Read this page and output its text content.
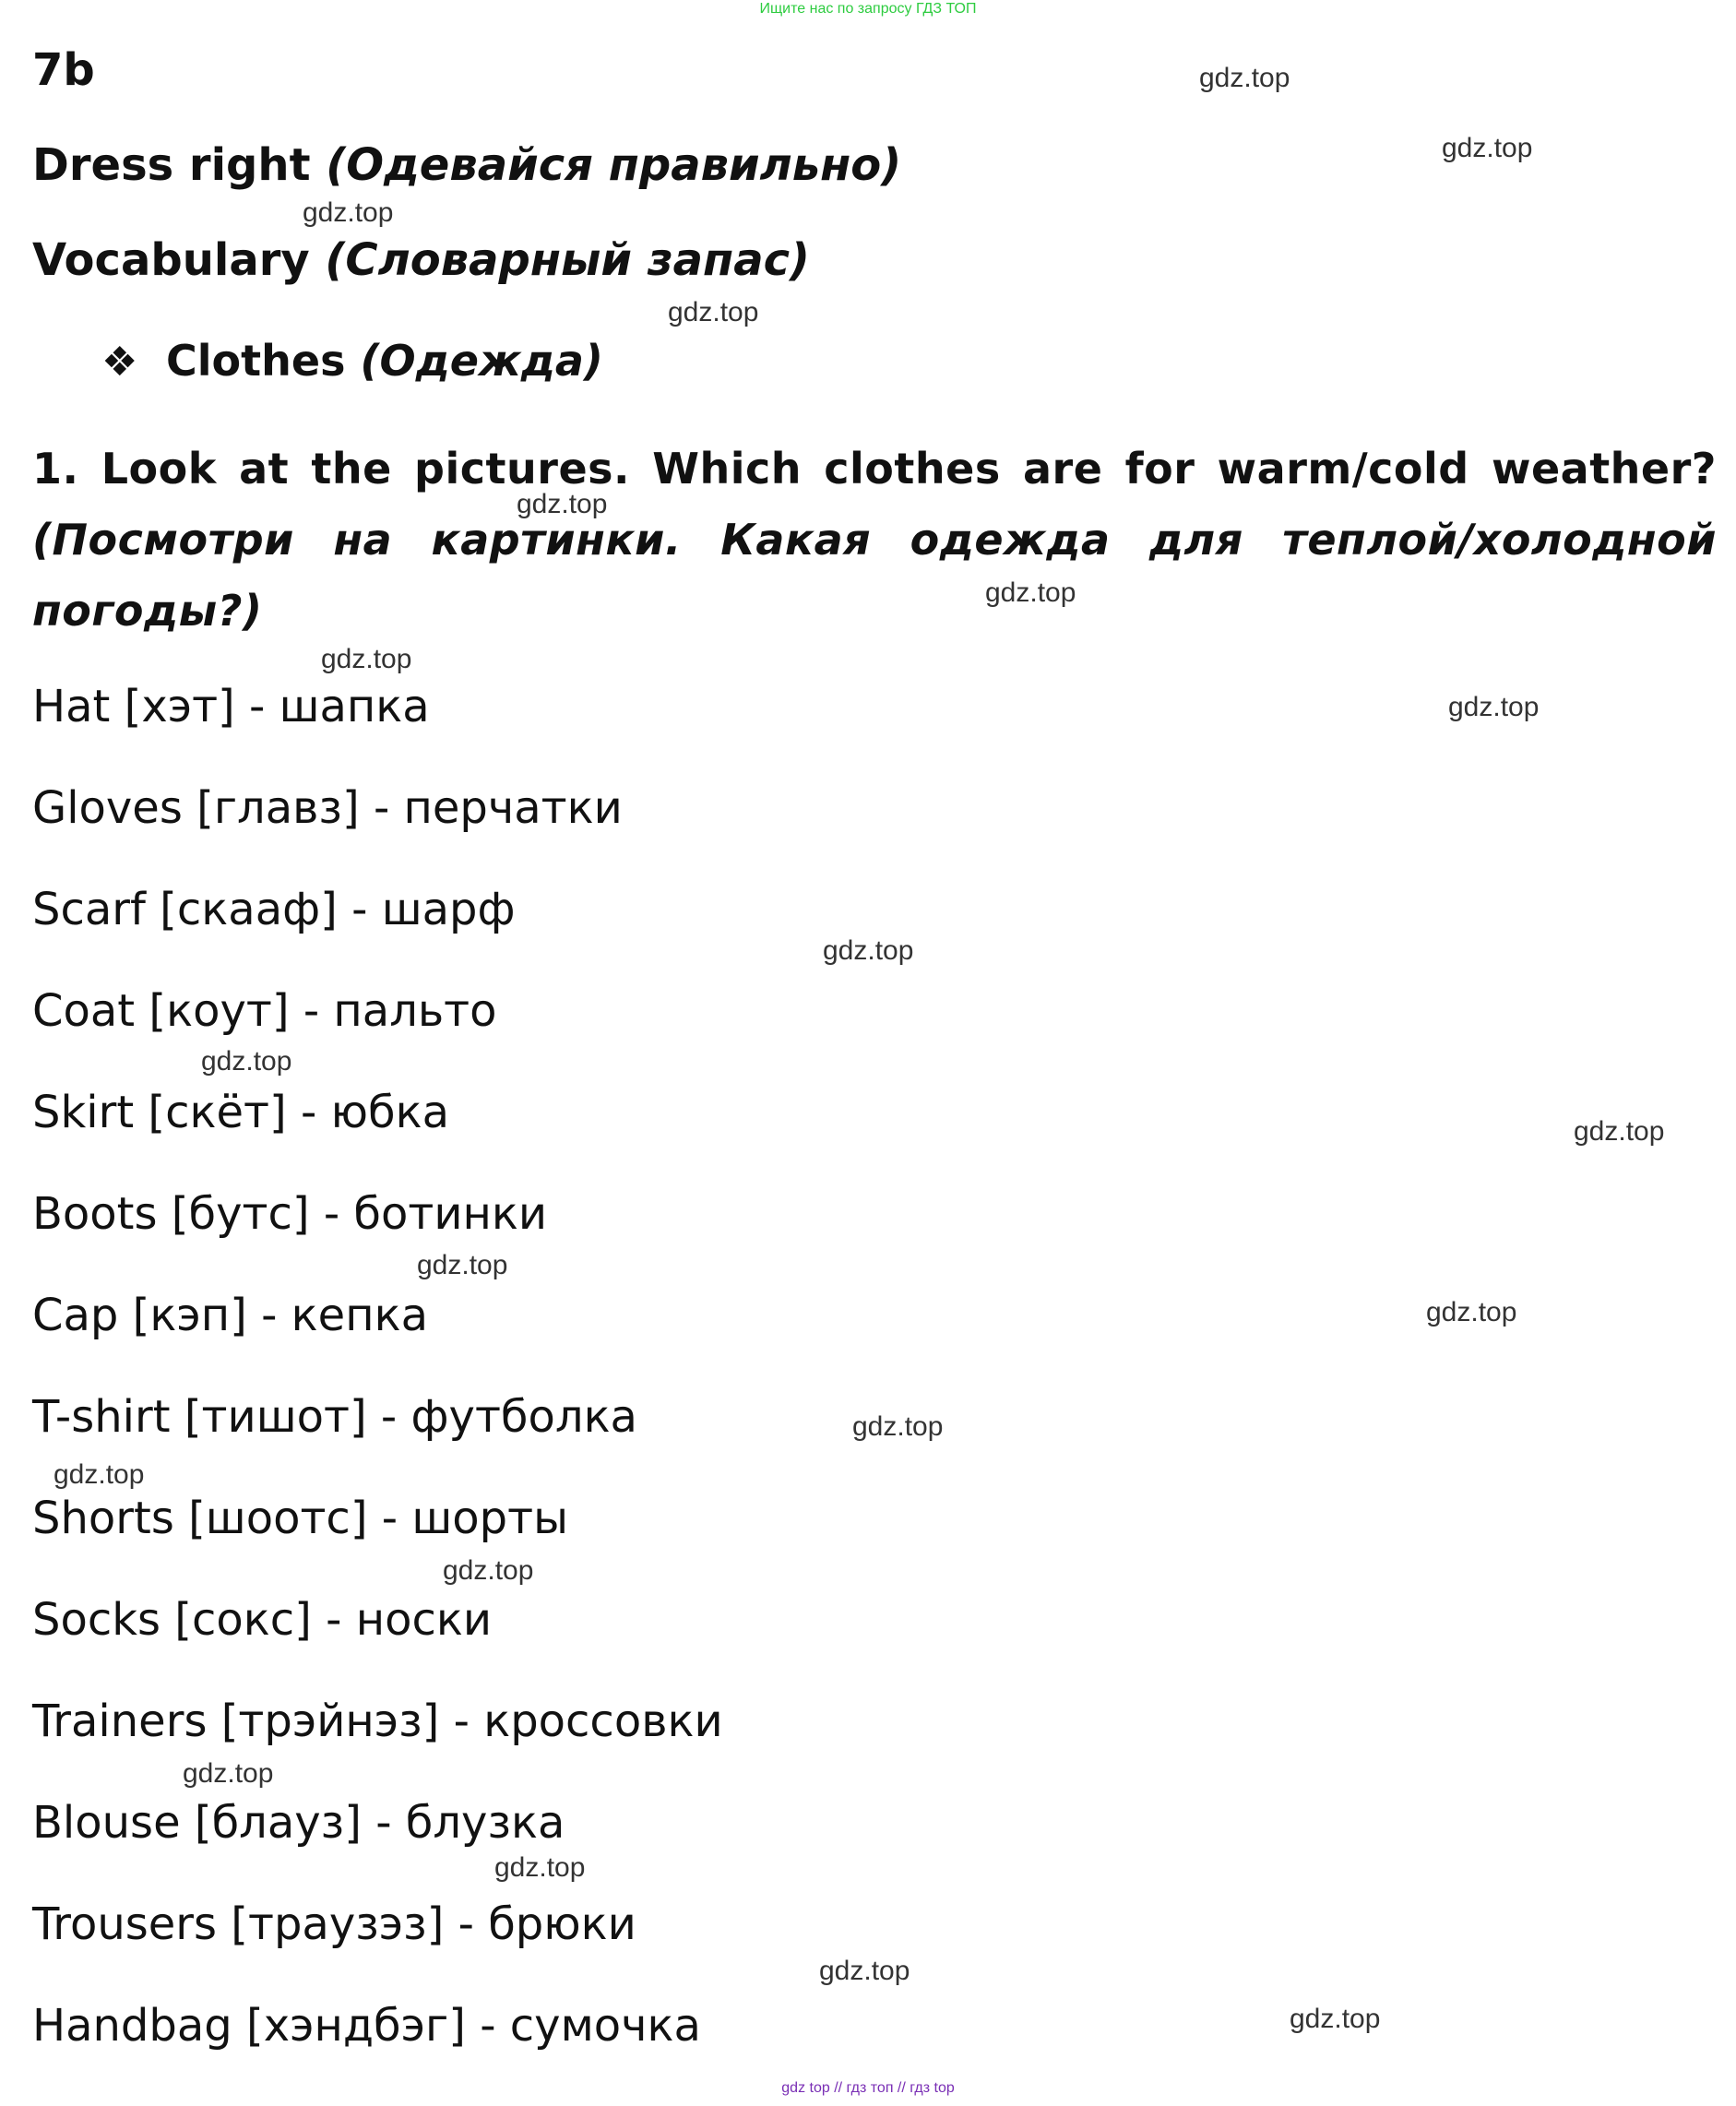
Ищите нас по запросу ГДЗ ТОП
7b
Dress right (Одевайся правильно)
Vocabulary (Словарный запас)
❖ Clothes (Одежда)
1. Look at the pictures. Which clothes are for warm/cold weather? (Посмотри на картинки. Какая одежда для теплой/холодной погоды?)
Hat [хэт] - шапка
Gloves [главз] - перчатки
Scarf [скааф] - шарф
Coat [коут] - пальто
Skirt [скёт] - юбка
Boots [бутс] - ботинки
Cap [кэп] - кепка
T-shirt [тишот] - футболка
Shorts [шоотс] - шорты
Socks [сокс] - носки
Trainers [трэйнэз] - кроссовки
Blouse [блауз] - блузка
Trousers [траузэз] - брюки
Handbag [хэндбэг] - сумочка
gdz.top
gdz.top
gdz.top
gdz.top
gdz.top
gdz.top
gdz.top
gdz.top
gdz.top
gdz.top
gdz.top
gdz.top
gdz.top
gdz.top
gdz.top
gdz.top
gdz.top
gdz.top
gdz.top
gdz.top
gdz top // гдз топ // гдз top
